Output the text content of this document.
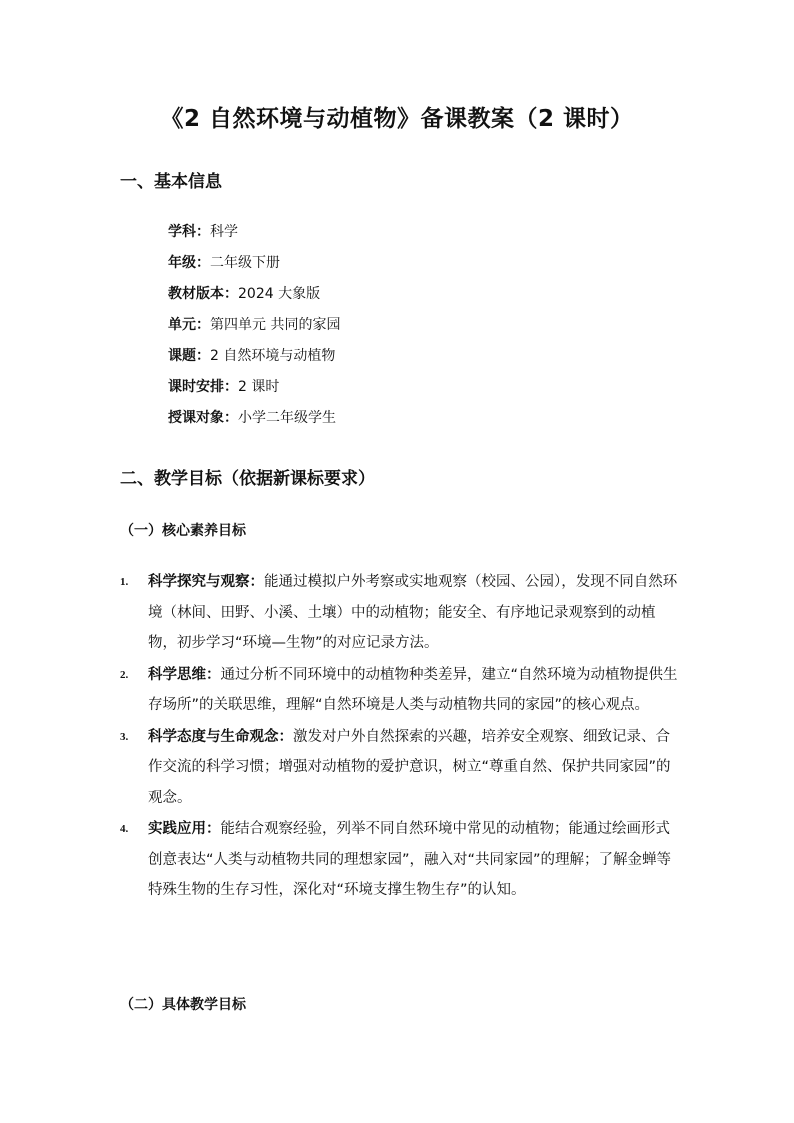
《2 自然环境与动植物》备课教案（2 课时）
一、基本信息
学科：科学
年级：二年级下册
教材版本：2024 大象版
单元：第四单元 共同的家园
课题：2 自然环境与动植物
课时安排：2 课时
授课对象：小学二年级学生
二、教学目标（依据新课标要求）
（一）核心素养目标
1. 科学探究与观察：能通过模拟户外考察或实地观察（校园、公园），发现不同自然环境（林间、田野、小溪、土壤）中的动植物；能安全、有序地记录观察到的动植物，初步学习“环境—生物”的对应记录方法。
2. 科学思维：通过分析不同环境中的动植物种类差异，建立“自然环境为动植物提供生存场所”的关联思维，理解“自然环境是人类与动植物共同的家园”的核心观点。
3. 科学态度与生命观念：激发对户外自然探索的兴趣，培养安全观察、细致记录、合作交流的科学习惯；增强对动植物的爱护意识，树立“尊重自然、保护共同家园”的观念。
4. 实践应用：能结合观察经验，列举不同自然环境中常见的动植物；能通过绘画形式创意表达“人类与动植物共同的理想家园”，融入对“共同家园”的理解；了解金蝉等特殊生物的生存习性，深化对“环境支撑生物生存”的认知。
（二）具体教学目标
